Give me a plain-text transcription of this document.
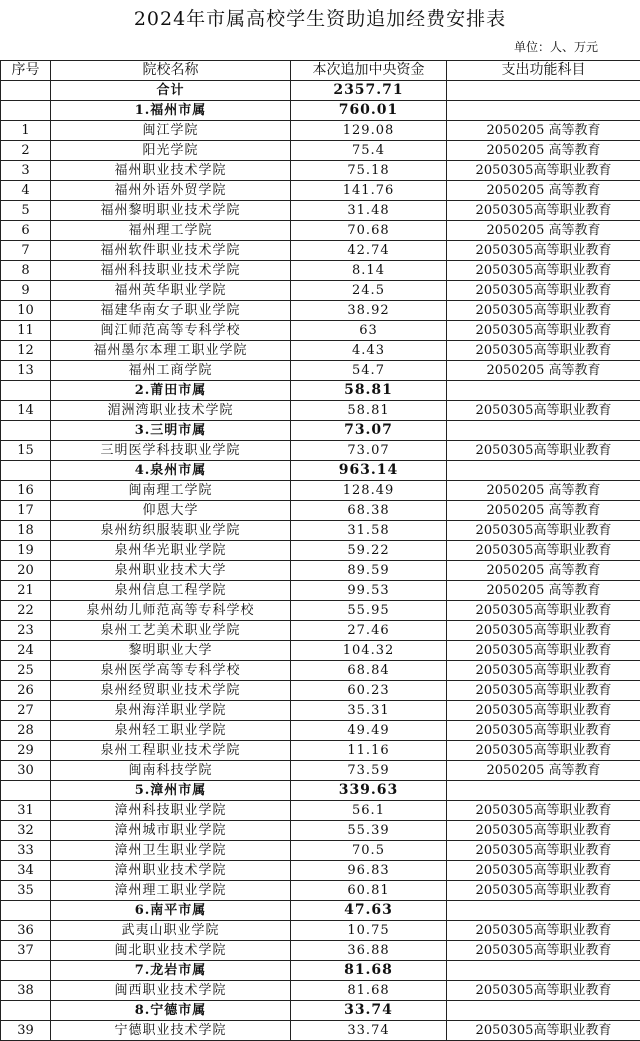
2024年市属高校学生资助追加经费安排表
单位：人、万元
序号	院校名称	本次追加中央资金	支出功能科目
	合计	2357.71	
	1.福州市属	760.01	
1	闽江学院	129.08	2050205 高等教育
2	阳光学院	75.4	2050205 高等教育
3	福州职业技术学院	75.18	2050305高等职业教育
4	福州外语外贸学院	141.76	2050205 高等教育
5	福州黎明职业技术学院	31.48	2050305高等职业教育
6	福州理工学院	70.68	2050205 高等教育
7	福州软件职业技术学院	42.74	2050305高等职业教育
8	福州科技职业技术学院	8.14	2050305高等职业教育
9	福州英华职业学院	24.5	2050305高等职业教育
10	福建华南女子职业学院	38.92	2050305高等职业教育
11	闽江师范高等专科学校	63	2050305高等职业教育
12	福州墨尔本理工职业学院	4.43	2050305高等职业教育
13	福州工商学院	54.7	2050205 高等教育
	2.莆田市属	58.81	
14	湄洲湾职业技术学院	58.81	2050305高等职业教育
	3.三明市属	73.07	
15	三明医学科技职业学院	73.07	2050305高等职业教育
	4.泉州市属	963.14	
16	闽南理工学院	128.49	2050205 高等教育
17	仰恩大学	68.38	2050205 高等教育
18	泉州纺织服装职业学院	31.58	2050305高等职业教育
19	泉州华光职业学院	59.22	2050305高等职业教育
20	泉州职业技术大学	89.59	2050205 高等教育
21	泉州信息工程学院	99.53	2050205 高等教育
22	泉州幼儿师范高等专科学校	55.95	2050305高等职业教育
23	泉州工艺美术职业学院	27.46	2050305高等职业教育
24	黎明职业大学	104.32	2050305高等职业教育
25	泉州医学高等专科学校	68.84	2050305高等职业教育
26	泉州经贸职业技术学院	60.23	2050305高等职业教育
27	泉州海洋职业学院	35.31	2050305高等职业教育
28	泉州轻工职业学院	49.49	2050305高等职业教育
29	泉州工程职业技术学院	11.16	2050305高等职业教育
30	闽南科技学院	73.59	2050205 高等教育
	5.漳州市属	339.63	
31	漳州科技职业学院	56.1	2050305高等职业教育
32	漳州城市职业学院	55.39	2050305高等职业教育
33	漳州卫生职业学院	70.5	2050305高等职业教育
34	漳州职业技术学院	96.83	2050305高等职业教育
35	漳州理工职业学院	60.81	2050305高等职业教育
	6.南平市属	47.63	
36	武夷山职业学院	10.75	2050305高等职业教育
37	闽北职业技术学院	36.88	2050305高等职业教育
	7.龙岩市属	81.68	
38	闽西职业技术学院	81.68	2050305高等职业教育
	8.宁德市属	33.74	
39	宁德职业技术学院	33.74	2050305高等职业教育
